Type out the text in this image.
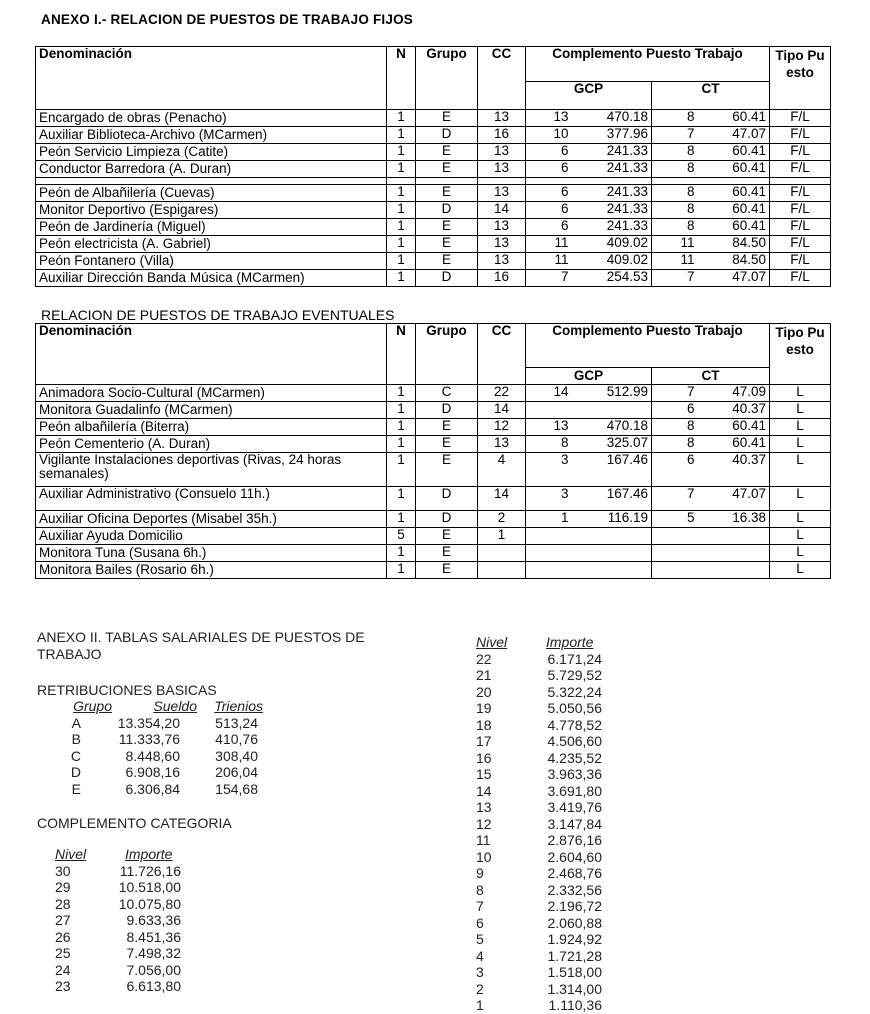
ANEXO I.- RELACION DE PUESTOS DE TRABAJO FIJOS
Denominación	N	Grupo	CC	Complemento Puesto Trabajo				Tipo Puesto
				GCP		CT		
Encargado de obras (Penacho)	1	E	13	13	470.18	8	60.41	F/L
Auxiliar Biblioteca-Archivo (MCarmen)	1	D	16	10	377.96	7	47.07	F/L
Peón Servicio Limpieza (Catite)	1	E	13	6	241.33	8	60.41	F/L
Conductor Barredora (A. Duran)	1	E	13	6	241.33	8	60.41	F/L

Peón de Albañilería (Cuevas)	1	E	13	6	241.33	8	60.41	F/L
Monitor Deportivo (Espigares)	1	D	14	6	241.33	8	60.41	F/L
Peón de Jardinería (Miguel)	1	E	13	6	241.33	8	60.41	F/L
Peón electricista (A. Gabriel)	1	E	13	11	409.02	11	84.50	F/L
Peón Fontanero (Villa)	1	E	13	11	409.02	11	84.50	F/L
Auxiliar Dirección Banda Música (MCarmen)	1	D	16	7	254.53	7	47.07	F/L
RELACION DE PUESTOS DE TRABAJO EVENTUALES
Denominación	N	Grupo	CC	Complemento Puesto Trabajo				Tipo Puesto
				GCP		CT		
Animadora Socio-Cultural (MCarmen)	1	C	22	14	512.99	7	47.09	L
Monitora Guadalinfo (MCarmen)	1	D	14			6	40.37	L
Peón albañilería (Biterra)	1	E	12	13	470.18	8	60.41	L
Peón Cementerio (A. Duran)	1	E	13	8	325.07	8	60.41	L
Vigilante Instalaciones deportivas (Rivas, 24 horas semanales)	1	E	4	3	167.46	6	40.37	L
Auxiliar Administrativo (Consuelo 11h.)	1	D	14	3	167.46	7	47.07	L
Auxiliar Oficina Deportes (Misabel 35h.)	1	D	2	1	116.19	5	16.38	L
Auxiliar Ayuda Domicilio	5	E	1					L
Monitora Tuna (Susana 6h.)	1	E						L
Monitora Bailes (Rosario 6h.)	1	E						L
ANEXO II. TABLAS SALARIALES DE PUESTOS DE
TRABAJO
RETRIBUCIONES BASICAS
Grupo	Sueldo	Trienios
A	13.354,20	513,24
B	11.333,76	410,76
C	8.448,60	308,40
D	6.908,16	206,04
E	6.306,84	154,68
COMPLEMENTO CATEGORIA
Nivel	Importe
30	11.726,16
29	10.518,00
28	10.075,80
27	9.633,36
26	8.451,36
25	7.498,32
24	7.056,00
23	6.613,80
Nivel	Importe
22	6.171,24
21	5.729,52
20	5.322,24
19	5.050,56
18	4.778,52
17	4.506,60
16	4.235,52
15	3.963,36
14	3.691,80
13	3.419,76
12	3.147,84
11	2.876,16
10	2.604,60
9	2.468,76
8	2.332,56
7	2.196,72
6	2.060,88
5	1.924,92
4	1.721,28
3	1.518,00
2	1.314,00
1	1.110,36
